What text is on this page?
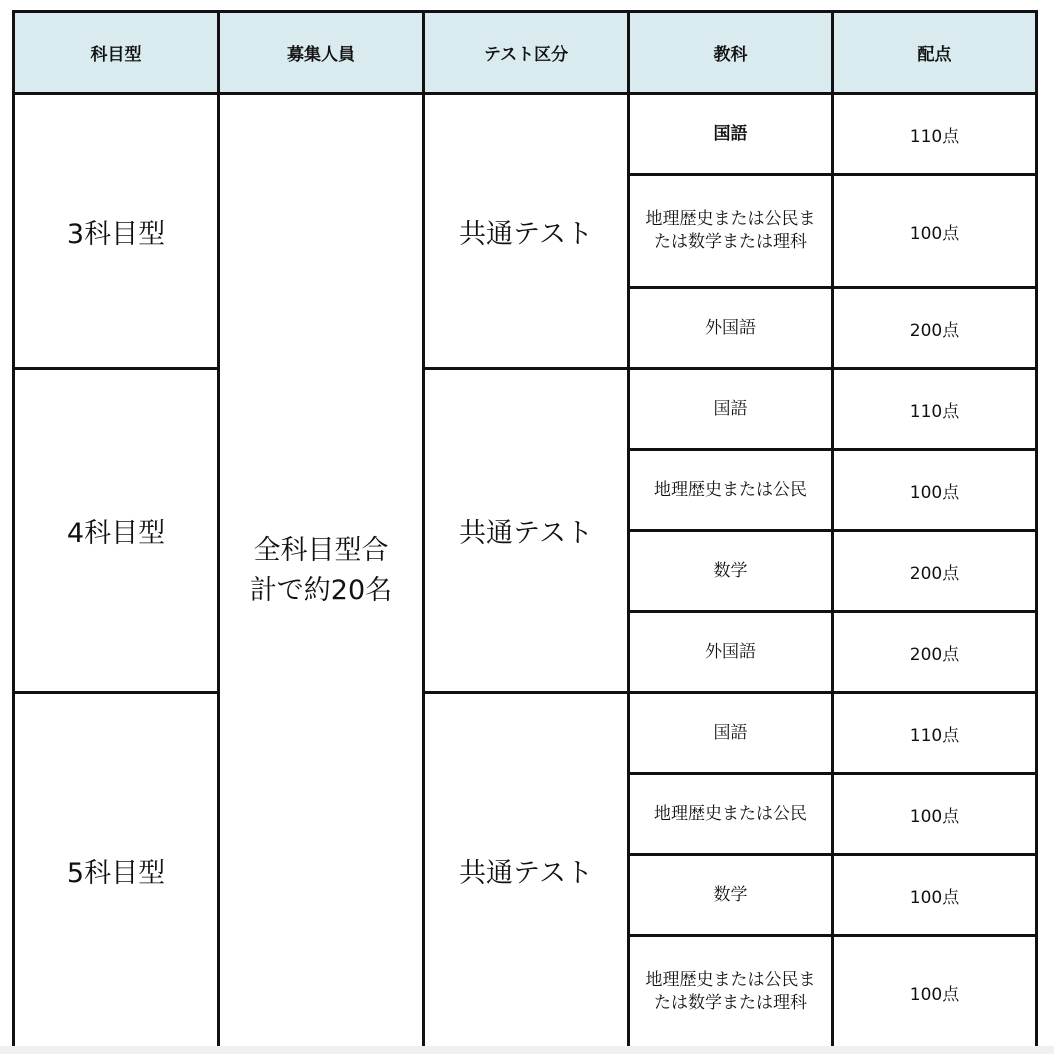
科目型	募集人員	テスト区分	教科	配点
3科目型	全科目型合計で約20名	共通テスト	国語	110点
			地理歴史または公民または数学または理科	100点
			外国語	200点
4科目型		共通テスト	国語	110点
			地理歴史または公民	100点
			数学	200点
			外国語	200点
5科目型		共通テスト	国語	110点
			地理歴史または公民	100点
			数学	100点
			地理歴史または公民または数学または理科	100点
